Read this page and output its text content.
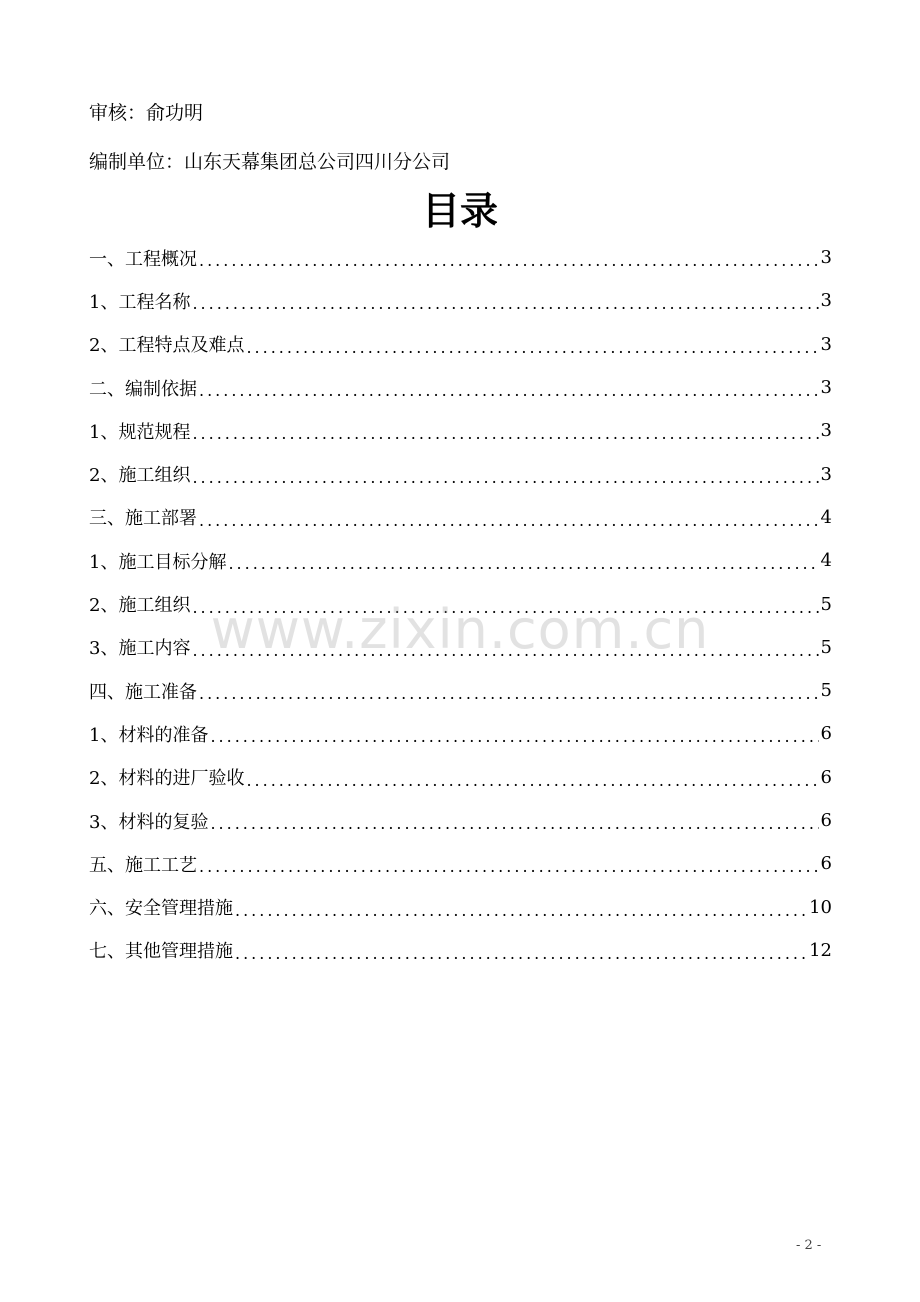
审核：俞功明
编制单位：山东天幕集团总公司四川分公司
目录
一、工程概况 .....	3
1、工程名称 .....	3
2、工程特点及难点 .....	3
二、编制依据 .....	3
1、规范规程 .....	3
2、施工组织 .....	3
三、施工部署 .....	4
1、施工目标分解 .....	4
2、施工组织 .....	5
3、施工内容 .....	5
四、施工准备 .....	5
1、材料的准备 .....	6
2、材料的进厂验收 .....	6
3、材料的复验 .....	6
五、施工工艺 .....	6
六、安全管理措施 .....	10
七、其他管理措施 .....	12
www.zixin.com.cn
- 2 -
